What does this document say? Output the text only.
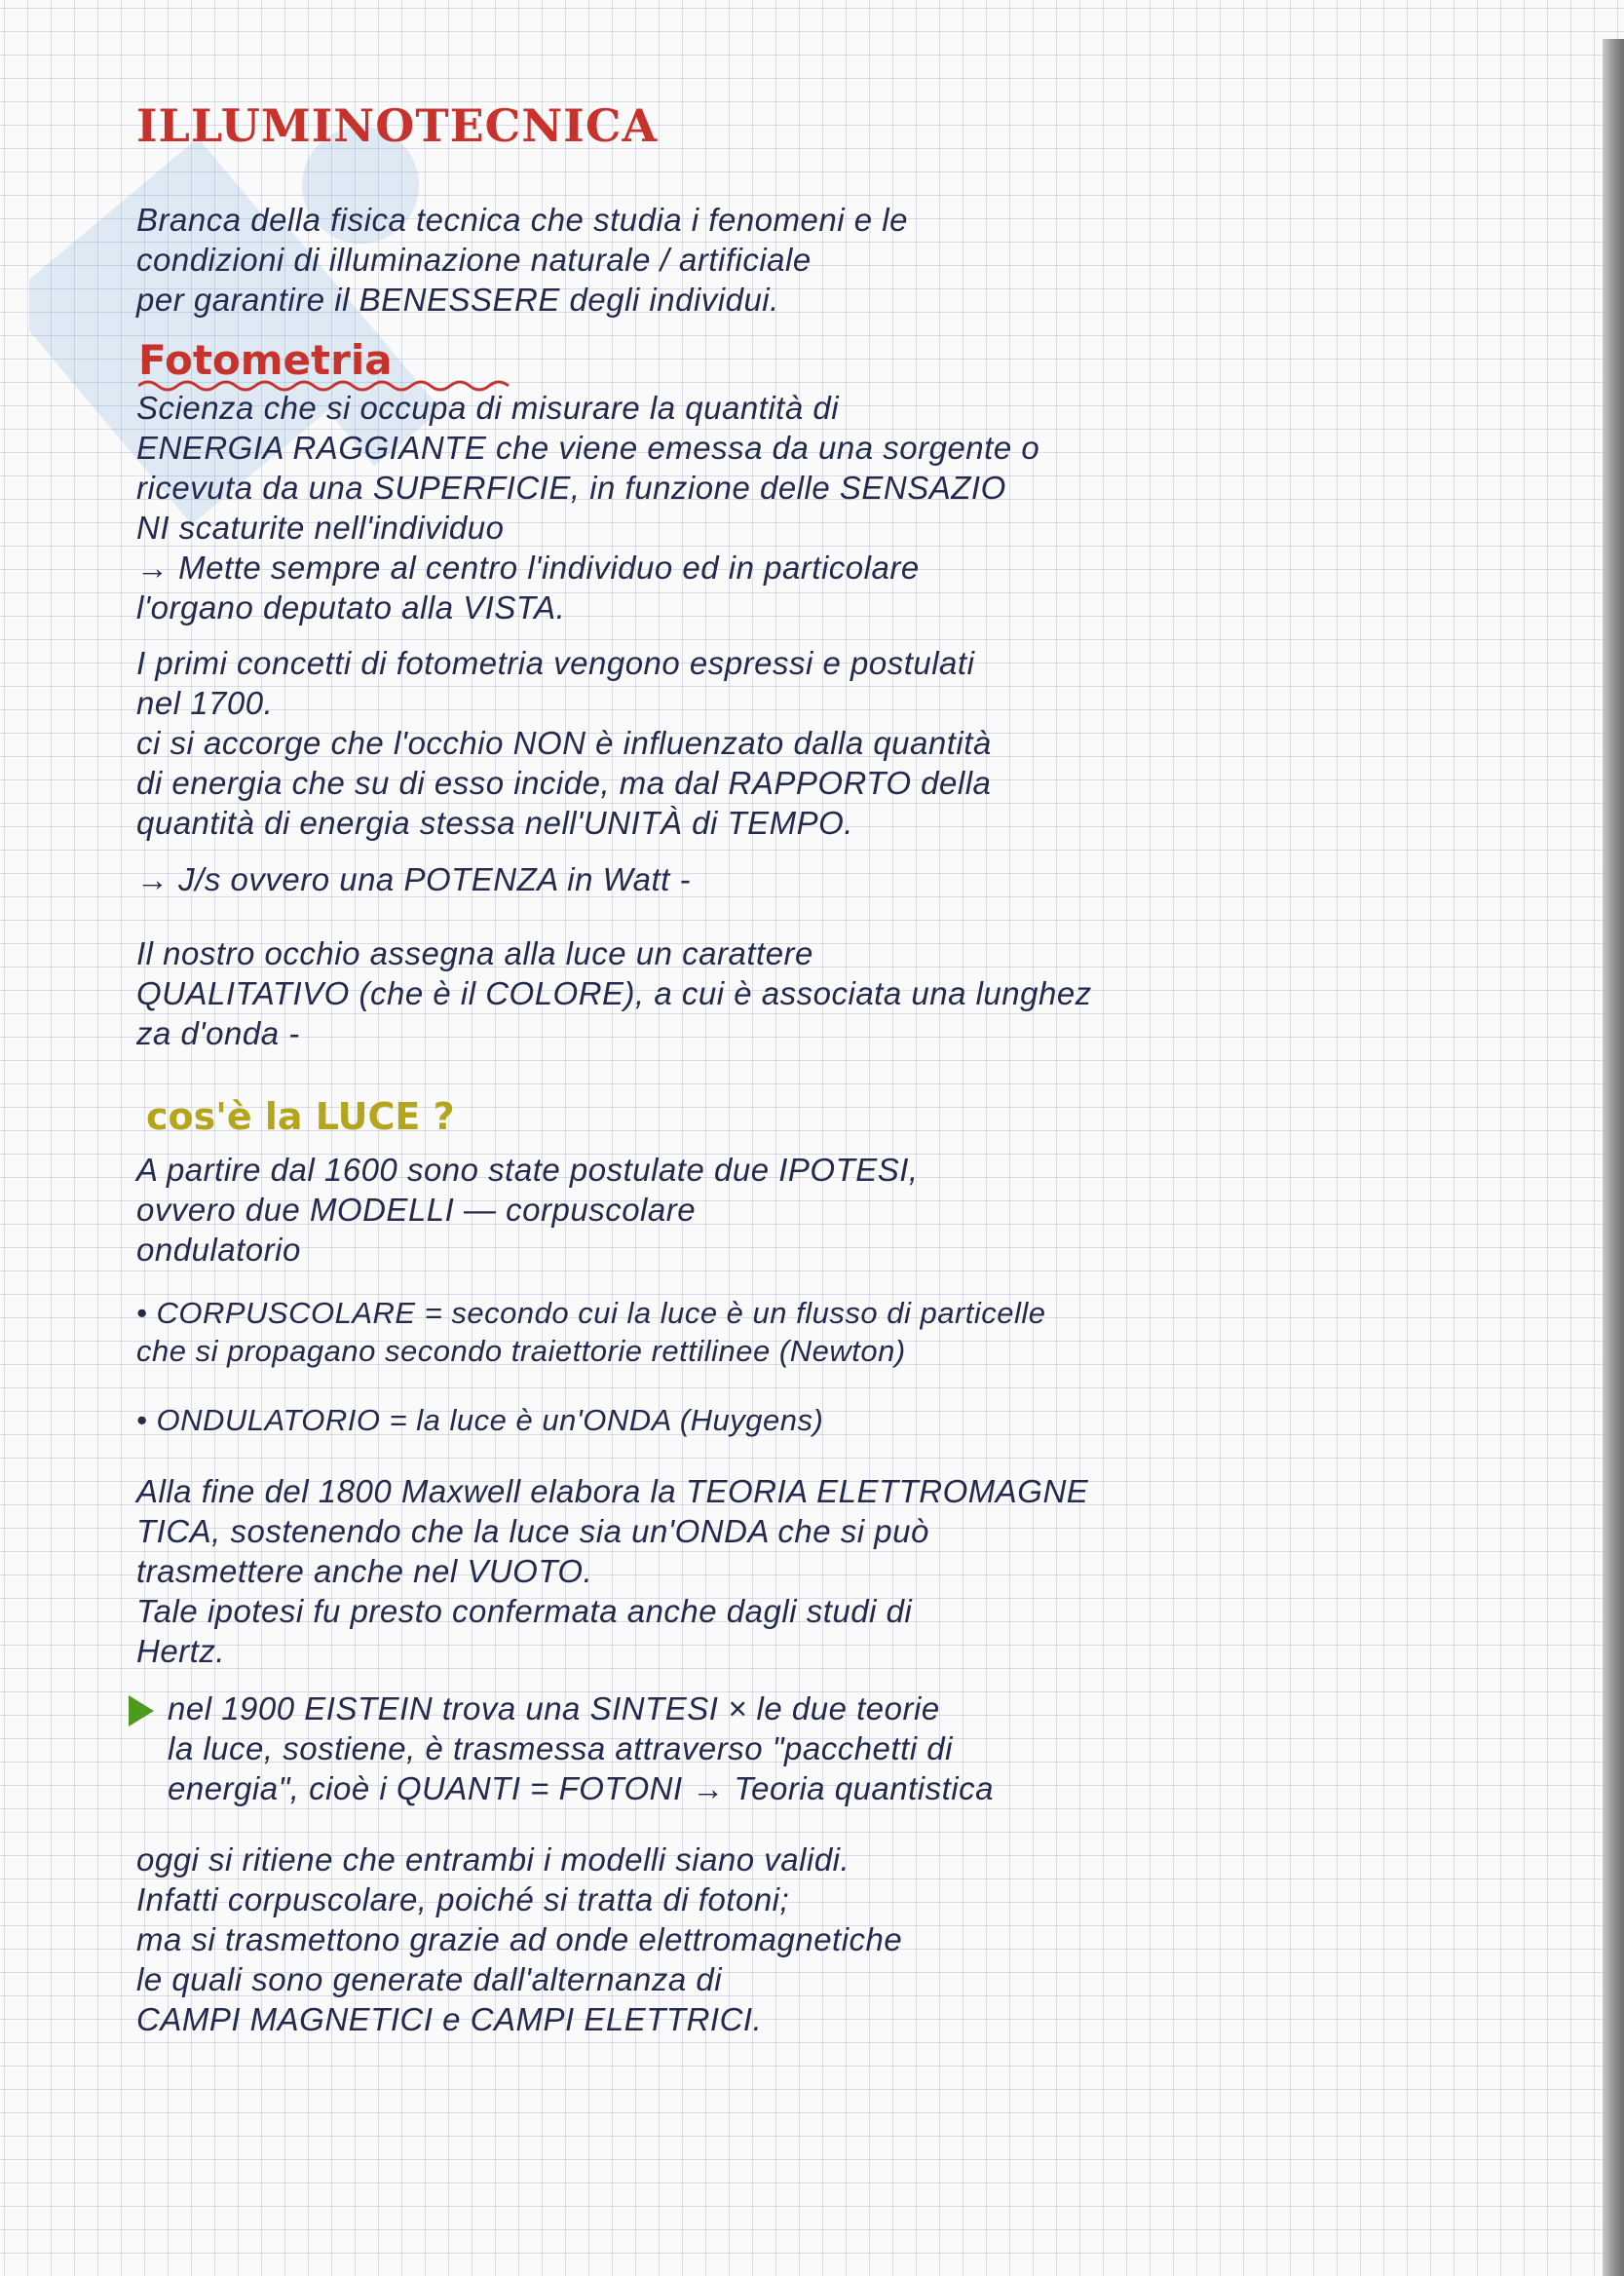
ILLUMINOTECNICA

Branca della fisica tecnica che studia i fenomeni e le
condizioni di illuminazione naturale / artificiale
per garantire il BENESSERE degli individui.

Fotometria

Scienza che si occupa di misurare la quantità di
ENERGIA RAGGIANTE che viene emessa da una sorgente o
ricevuta da una SUPERFICIE, in funzione delle SENSAZIO
NI scaturite nell'individuo
→ Mette sempre al centro l'individuo ed in particolare
l'organo deputato alla VISTA.

I primi concetti di fotometria vengono espressi e postulati
nel 1700.
ci si accorge che l'occhio NON è influenzato dalla quantità
di energia che su di esso incide, ma dal RAPPORTO della
quantità di energia stessa nell'UNITÀ di TEMPO.

→ J/s ovvero una POTENZA in Watt -

Il nostro occhio assegna alla luce un carattere
QUALITATIVO (che è il COLORE), a cui è associata una lunghez
za d'onda -

cos'è la LUCE ?

A partire dal 1600 sono state postulate due IPOTESI,
ovvero due MODELLI — corpuscolare
ondulatorio

• CORPUSCOLARE = secondo cui la luce è un flusso di particelle
che si propagano secondo traiettorie rettilinee (Newton)

• ONDULATORIO = la luce è un'ONDA (Huygens)

Alla fine del 1800 Maxwell elabora la TEORIA ELETTROMAGNE
TICA, sostenendo che la luce sia un'ONDA che si può
trasmettere anche nel VUOTO.
Tale ipotesi fu presto confermata anche dagli studi di
Hertz.

nel 1900 EISTEIN trova una SINTESI × le due teorie
la luce, sostiene, è trasmessa attraverso "pacchetti di
energia", cioè i QUANTI = FOTONI → Teoria quantistica

oggi si ritiene che entrambi i modelli siano validi.
Infatti corpuscolare, poiché si tratta di fotoni;
ma si trasmettono grazie ad onde elettromagnetiche
le quali sono generate dall'alternanza di
CAMPI MAGNETICI e CAMPI ELETTRICI.
